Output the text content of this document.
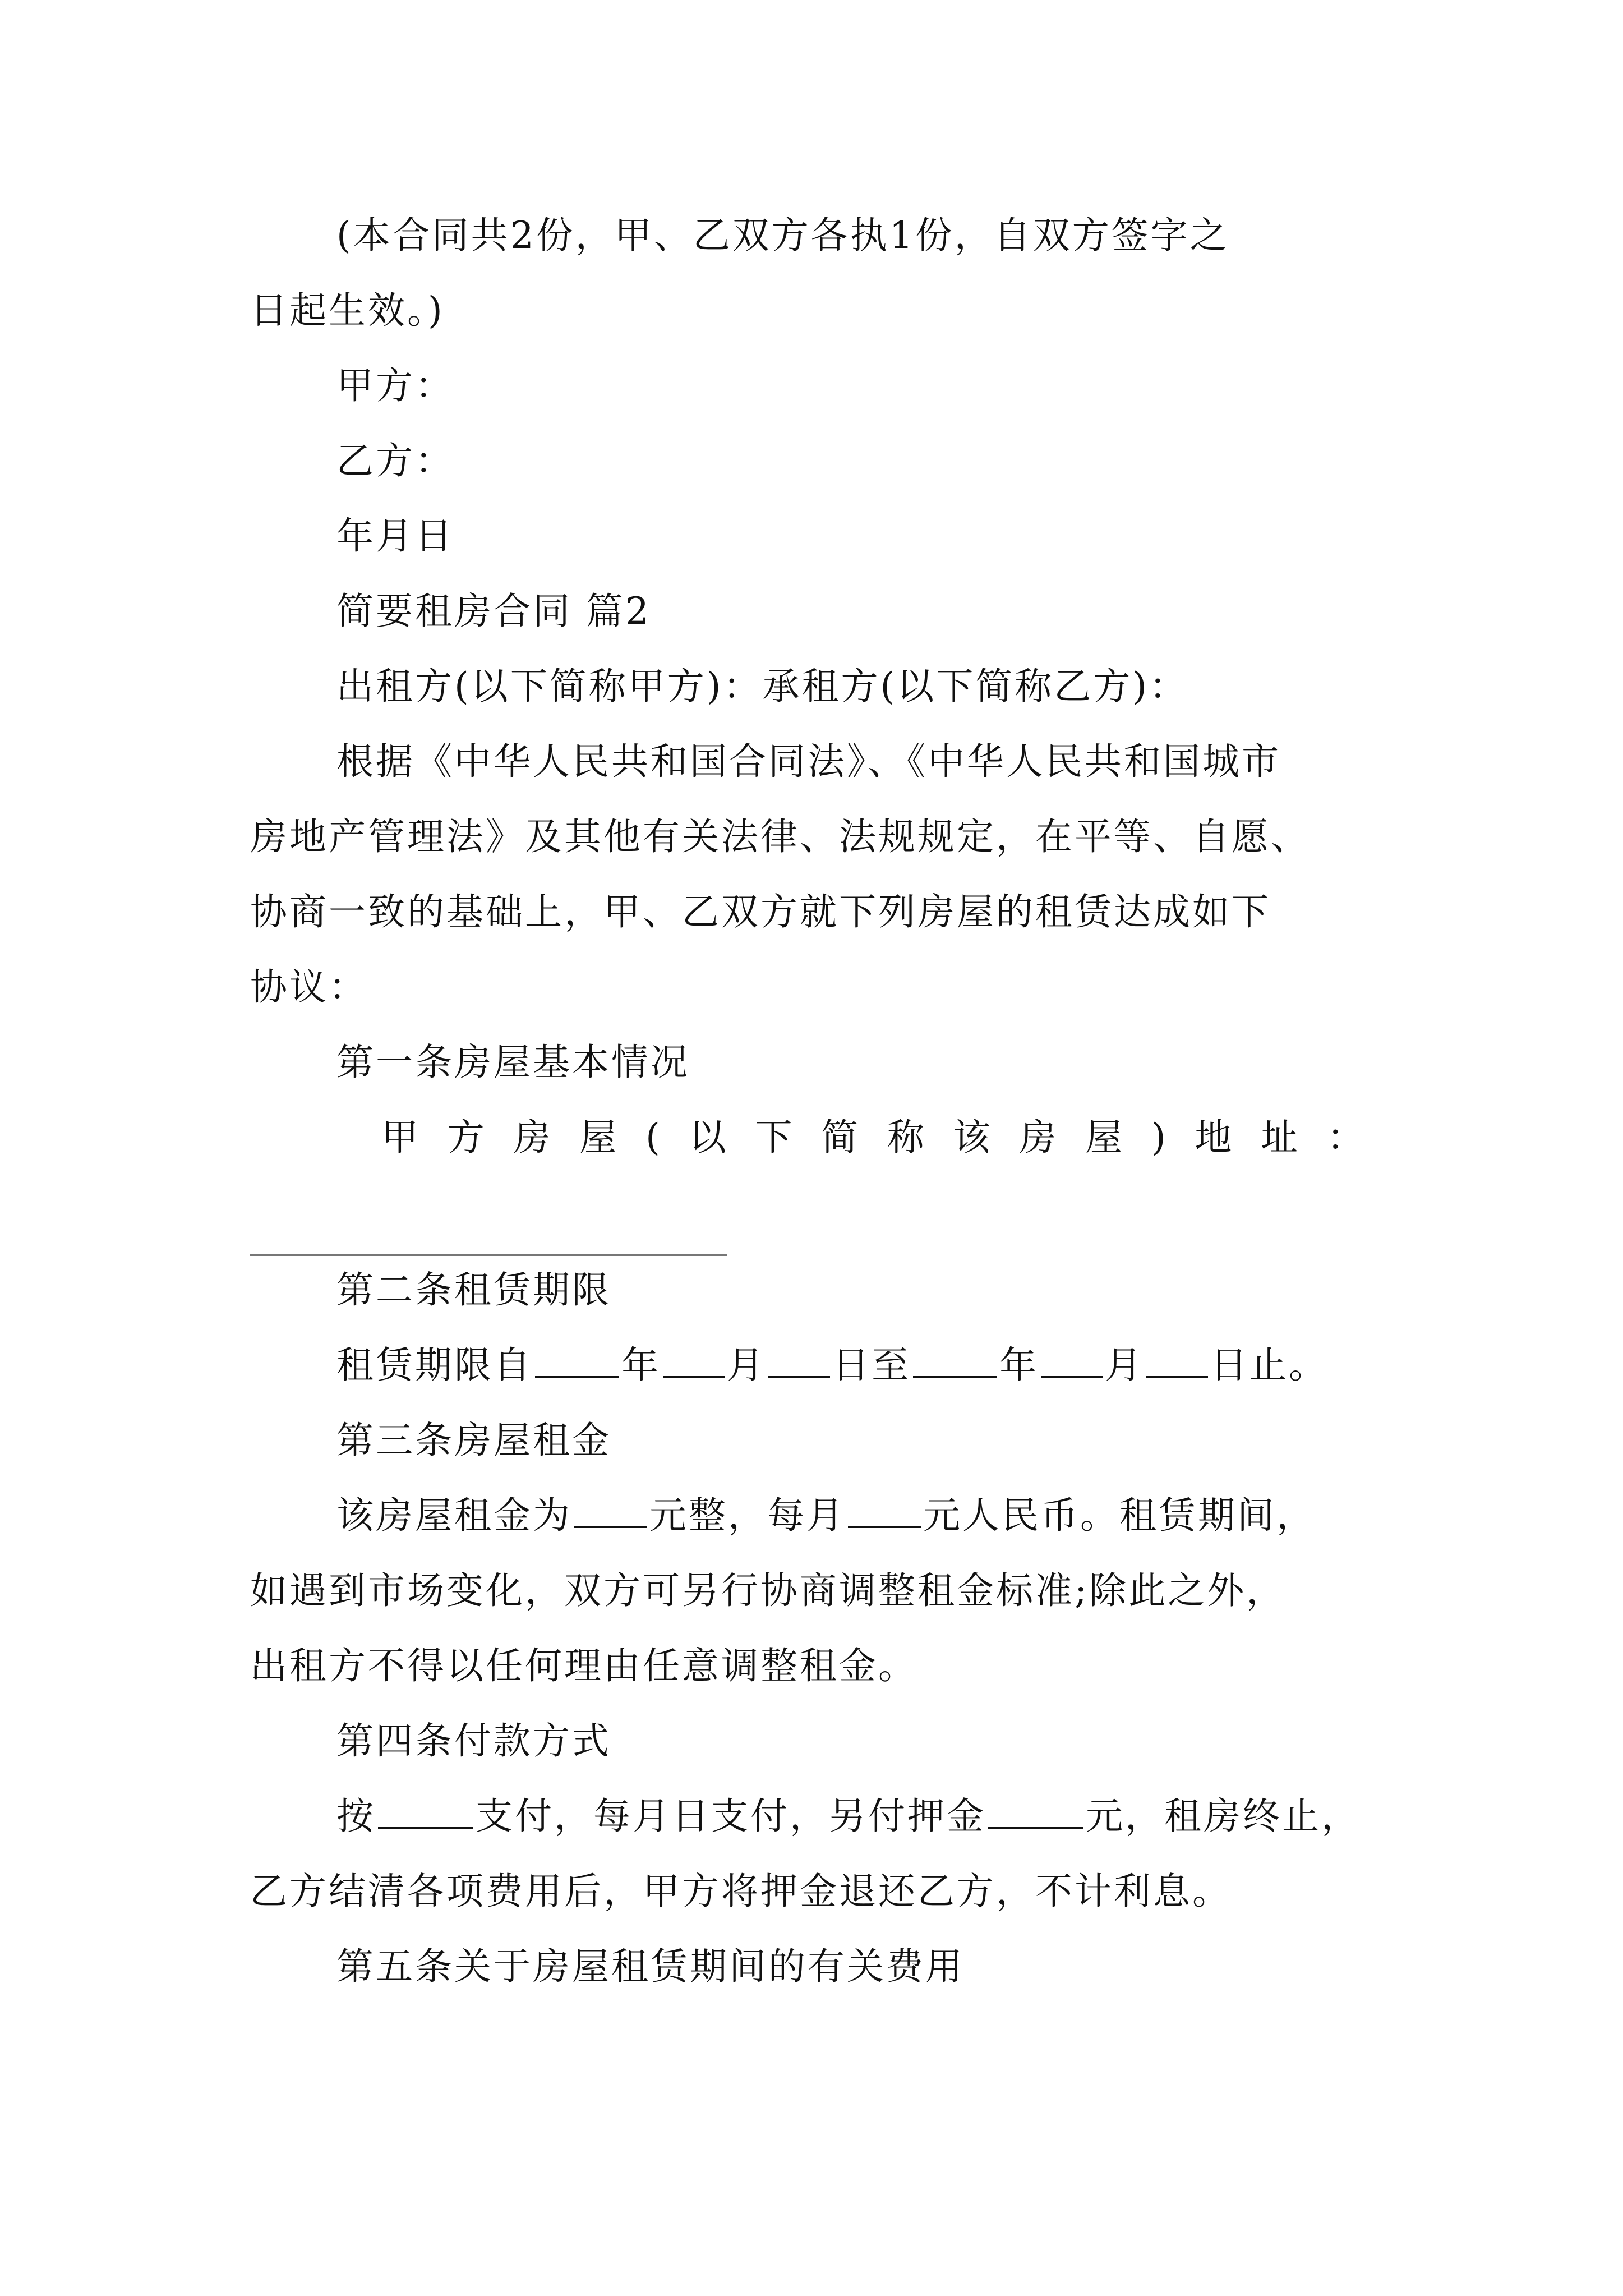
(本合同共2份，甲、乙双方各执1份，自双方签字之
日起生效。)
甲方：
乙方：
年月日
简要租房合同 篇2
出租方(以下简称甲方)：承租方(以下简称乙方)：
根据《中华人民共和国合同法》、《中华人民共和国城市
房地产管理法》及其他有关法律、法规规定，在平等、自愿、
协商一致的基础上，甲、乙双方就下列房屋的租赁达成如下
协议：
第一条房屋基本情况
甲 方 房 屋 ( 以 下 简 称 该 房 屋 ) 地 址 ：
第二条租赁期限
租赁期限自 年 月 日至 年 月 日止。
第三条房屋租金
该房屋租金为 元整，每月 元人民币。租赁期间，
如遇到市场变化，双方可另行协商调整租金标准;除此之外，
出租方不得以任何理由任意调整租金。
第四条付款方式
按	支付，每月日支付，另付押金	元，租房终止，
乙方结清各项费用后，甲方将押金退还乙方，不计利息。
第五条关于房屋租赁期间的有关费用
